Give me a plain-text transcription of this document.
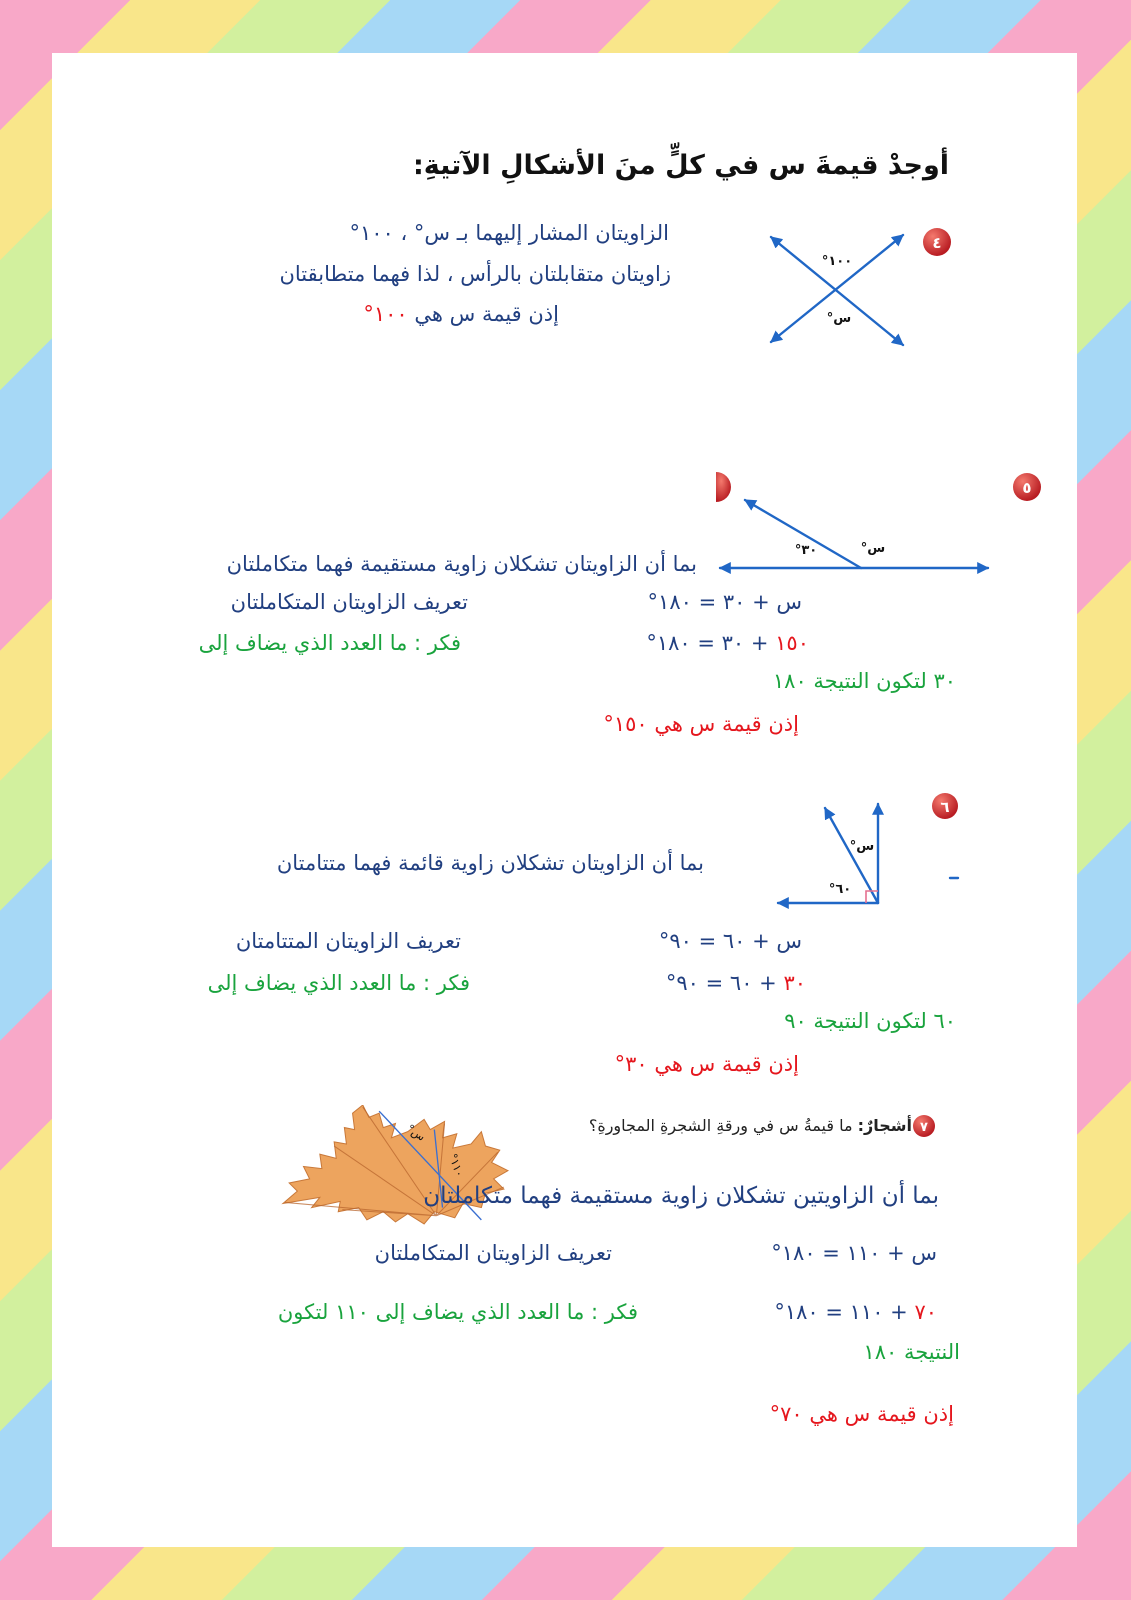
س°
١١٠°
٤
١٠٠°
س°
٥
٣٠°	س°
٦
س°
٦٠°
٧
أوجدْ قيمةَ س في كلٍّ منَ الأشكالِ الآتيةِ:
الزاويتان المشار إليهما بـ س° ، ١٠٠°
زاويتان متقابلتان بالرأس ، لذا فهما متطابقتان
إذن قيمة س هي ١٠٠°
بما أن الزاويتان تشكلان زاوية مستقيمة فهما متكاملتان
س + ٣٠ = ١٨٠°
تعريف الزاويتان المتكاملتان
١٥٠ + ٣٠ = ١٨٠°
فكر : ما العدد الذي يضاف إلى
٣٠ لتكون النتيجة ١٨٠
إذن قيمة س هي ١٥٠°
بما أن الزاويتان تشكلان زاوية قائمة فهما متتامتان
س + ٦٠ = ٩٠°
تعريف الزاويتان المتتامتان
٣٠ + ٦٠ = ٩٠°
فكر : ما العدد الذي يضاف إلى
٦٠ لتكون النتيجة ٩٠
إذن قيمة س هي ٣٠°
أشجارٌ: ما قيمةُ س في ورقةِ الشجرةِ المجاورةِ؟
بما أن الزاويتين تشكلان زاوية مستقيمة فهما متكاملتان
س + ١١٠ = ١٨٠°
تعريف الزاويتان المتكاملتان
٧٠ + ١١٠ = ١٨٠°
فكر : ما العدد الذي يضاف إلى ١١٠ لتكون
النتيجة ١٨٠
إذن قيمة س هي ٧٠°
